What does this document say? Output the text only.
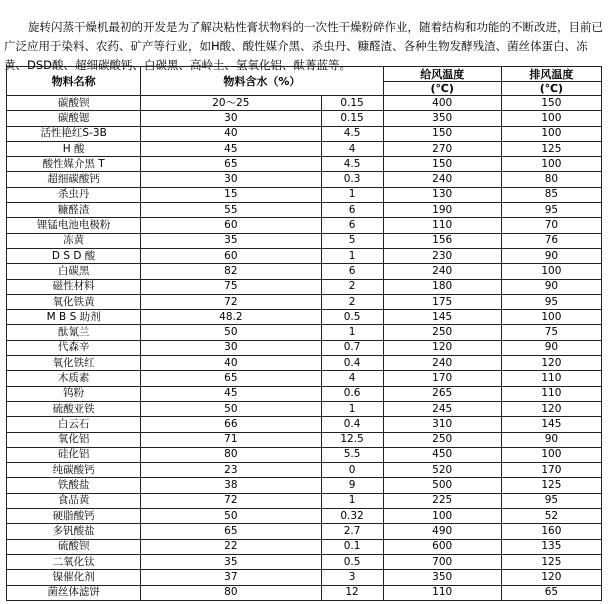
旋转闪蒸干燥机最初的开发是为了解决粘性膏状物料的一次性干燥粉碎作业，随着结构和功能的不断改进，目前已广泛应用于染料、农药、矿产等行业，如H酸、酸性媒介黑、杀虫丹、糠醛渣、各种生物发酵残渣、菌丝体蛋白、冻黄、DSD酸、超细碳酸钙、白碳黑、高岭土、氢氧化铝、酞菁蓝等。

物料名称	物料含水（%）		给风温度	排风温度
			(℃)	(℃)
碳酸钡	20～25	0.15	400	150
碳酸锶	30	0.15	350	100
活性艳红S-3B	40	4.5	150	100
H 酸	45	4	270	125
酸性媒介黑 T	65	4.5	150	100
超细碳酸钙	30	0.3	240	80
杀虫丹	15	1	130	85
糠醛渣	55	6	190	95
锂锰电池电极粉	60	6	110	70
冻黄	35	5	156	76
D S D 酸	60	1	230	90
白碳黑	82	6	240	100
磁性材料	75	2	180	90
氧化铁黄	72	2	175	95
M B S 助剂	48.2	0.5	145	100
酞氰兰	50	1	250	75
代森辛	30	0.7	120	90
氧化铁红	40	0.4	240	120
木质素	65	4	170	110
钨粉	45	0.6	265	110
硫酸亚铁	50	1	245	120
白云石	66	0.4	310	145
氧化铝	71	12.5	250	90
硅化铝	80	5.5	450	100
纯碳酸钙	23	0	520	170
铁酸盐	38	9	500	125
食品黄	72	1	225	95
硬脂酸钙	50	0.32	100	52
多钒酸盐	65	2.7	490	160
硫酸钡	22	0.1	600	135
二氧化钛	35	0.5	700	125
镍催化剂	37	3	350	120
菌丝体滤饼	80	12	110	65
